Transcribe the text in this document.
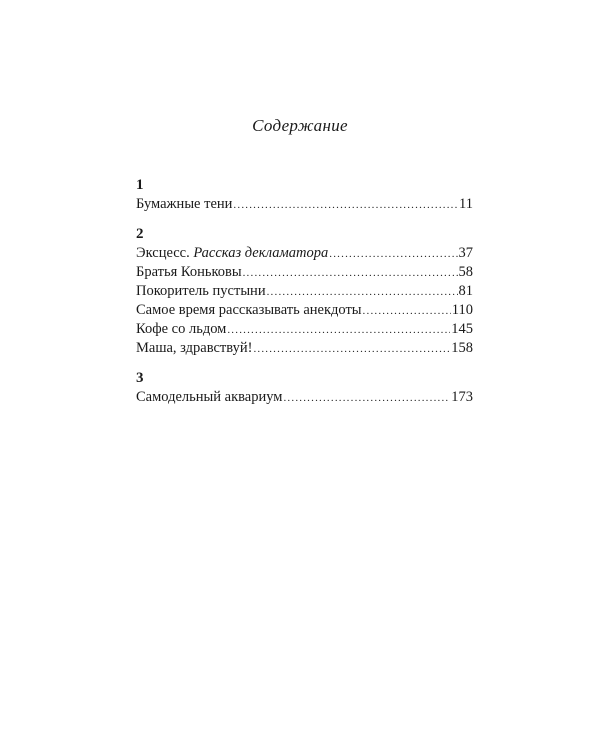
Содержание
1
Бумажные тени .....	11
2
Эксцесс. Рассказ декламатора .....	37
Братья Коньковы .....	58
Покоритель пустыни .....	81
Самое время рассказывать анекдоты .....	110
Кофе со льдом .....	145
Маша, здравствуй! .....	158
3
Самодельный аквариум .....	173
